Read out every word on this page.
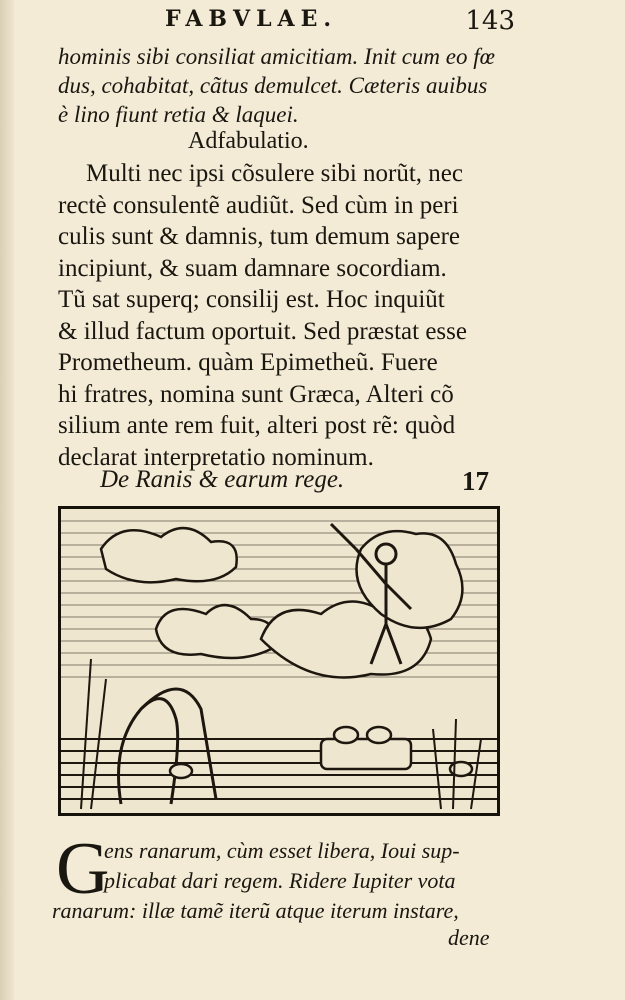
FABVLAE.	143
hominis sibi consiliat amicitiam. Init cum eo fœ
dus, cohabitat, cãtus demulcet. Cæteris auibus
è lino fiunt retia & laquei.
Adfabulatio.
Multi nec ipsi cõsulere sibi norũt, nec
rectè consulentẽ audiũt. Sed cùm in peri
culis sunt & damnis, tum demum sapere
incipiunt, & suam damnare socordiam.
Tũ sat superq; consilij est. Hoc inquiũt
& illud factum oportuit. Sed præstat esse
Prometheum. quàm Epimetheũ. Fuere
hi fratres, nomina sunt Græca, Alteri cõ
silium ante rem fuit, alteri post rẽ: quòd
declarat interpretatio nominum.
De Ranis & earum rege.	17
G
ens ranarum, cùm esset libera, Ioui sup-
plicabat dari regem. Ridere Iupiter vota
ranarum: illæ tamẽ iterũ atque iterum instare,
dene
